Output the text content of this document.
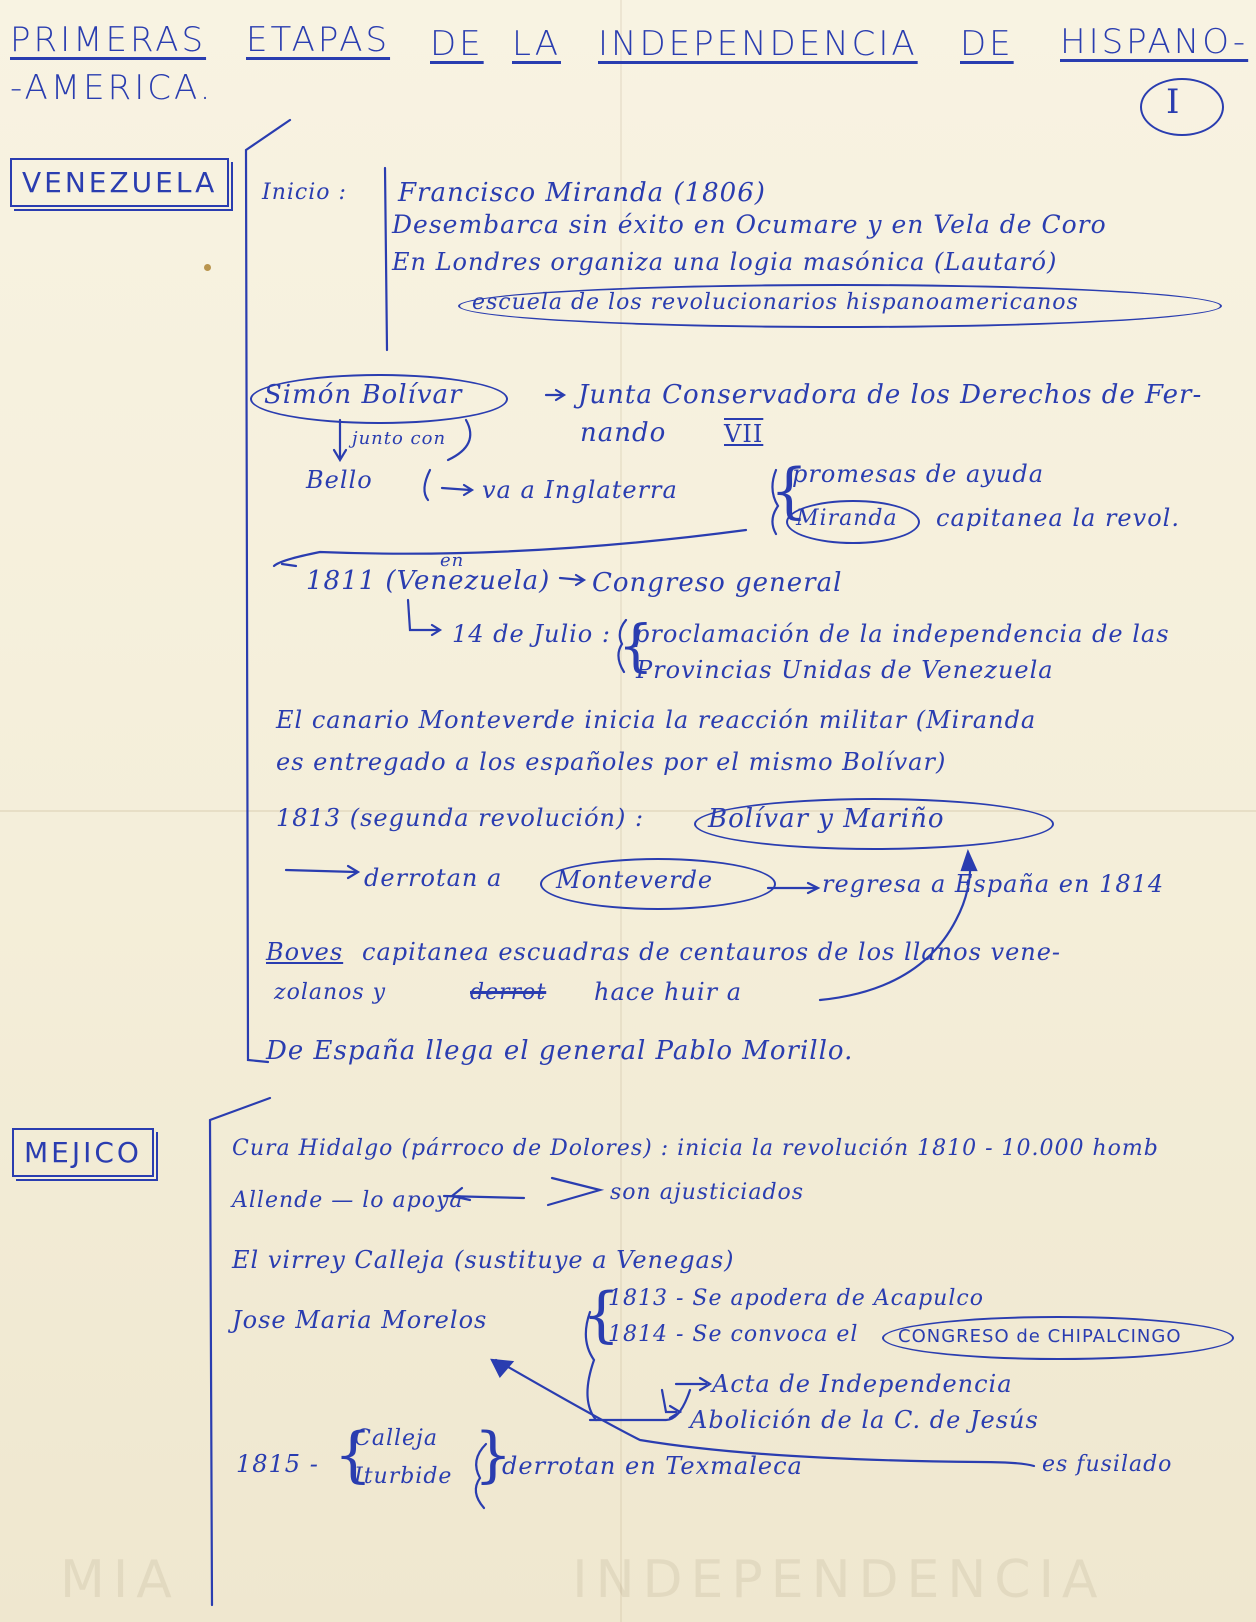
MIA                INDEPENDENCIA
PRIMERAS ETAPAS DE LA INDEPENDENCIA DE HISPANO-
-AMERICA.	I
VENEZUELA	Inicio : Francisco Miranda (1806)
Desembarca sin éxito en Ocumare y en Vela de Coro
En Londres organiza una logia masónica (Lautaró)
escuela de los revolucionarios hispanoamericanos
Simón Bolívar	Junta Conservadora de los Derechos de Fer-
nando VII
junto con
Bello	va a Inglaterra
promesas de ayuda
Miranda capitanea la revol.
en
1811 (Venezuela) Congreso general
14 de Julio : proclamación de la independencia de las
Provincias Unidas de Venezuela
El canario Monteverde inicia la reacción militar (Miranda
es entregado a los españoles por el mismo Bolívar)
1813 (segunda revolución) : Bolívar y Mariño
derrotan a Monteverde	regresa a España en 1814
Boves capitanea escuadras de centauros de los llanos vene-
zolanos y	derrot hace huir a
De España llega el general Pablo Morillo.
MEJICO	Cura Hidalgo (párroco de Dolores) : inicia la revolución 1810 - 10.000 homb
Allende — lo apoya	son ajusticiados
El virrey Calleja (sustituye a Venegas)
Jose Maria Morelos
1813 - Se apodera de Acapulco
1814 - Se convoca el CONGRESO de CHIPALCINGO
Acta de Independencia
Abolición de la C. de Jesús
1815 -
Calleja
Iturbide derrotan en Texmaleca	es fusilado
{
{
{
{ }
